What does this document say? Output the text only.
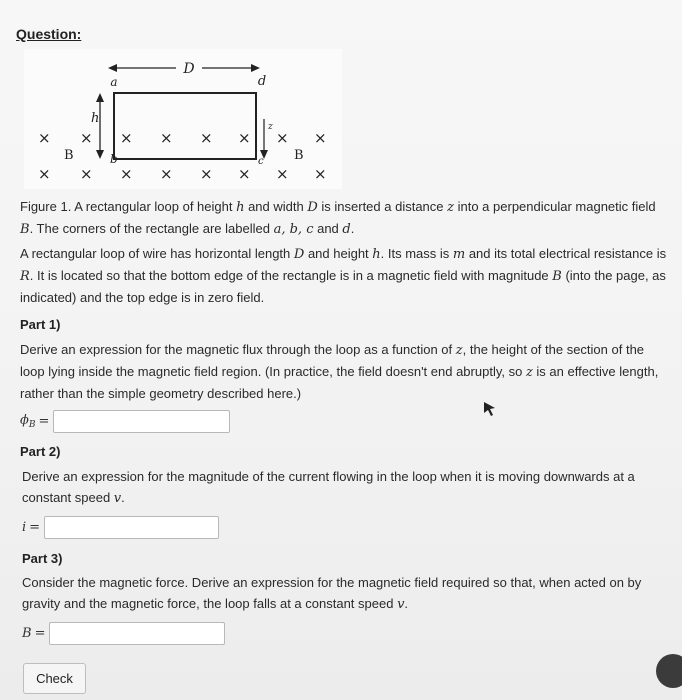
Question:
D
a	d
h
z
b	c
B	B
× × × × × × × ×
× × × × × × × ×
Figure 1. A rectangular loop of height h and width D is inserted a distance z into a perpendicular magnetic field B. The corners of the rectangle are labelled a, b, c and d.
A rectangular loop of wire has horizontal length D and height h. Its mass is m and its total electrical resistance is R. It is located so that the bottom edge of the rectangle is in a magnetic field with magnitude B (into the page, as indicated) and the top edge is in zero field.
Part 1)
Derive an expression for the magnetic flux through the loop as a function of z, the height of the section of the loop lying inside the magnetic field region. (In practice, the field doesn't end abruptly, so z is an effective length, rather than the simple geometry described here.)
$\phi_B$ =
Part 2)
Derive an expression for the magnitude of the current flowing in the loop when it is moving downwards at a constant speed v.
i =
Part 3)
Consider the magnetic force. Derive an expression for the magnetic field required so that, when acted on by gravity and the magnetic force, the loop falls at a constant speed v.
B =
Check
